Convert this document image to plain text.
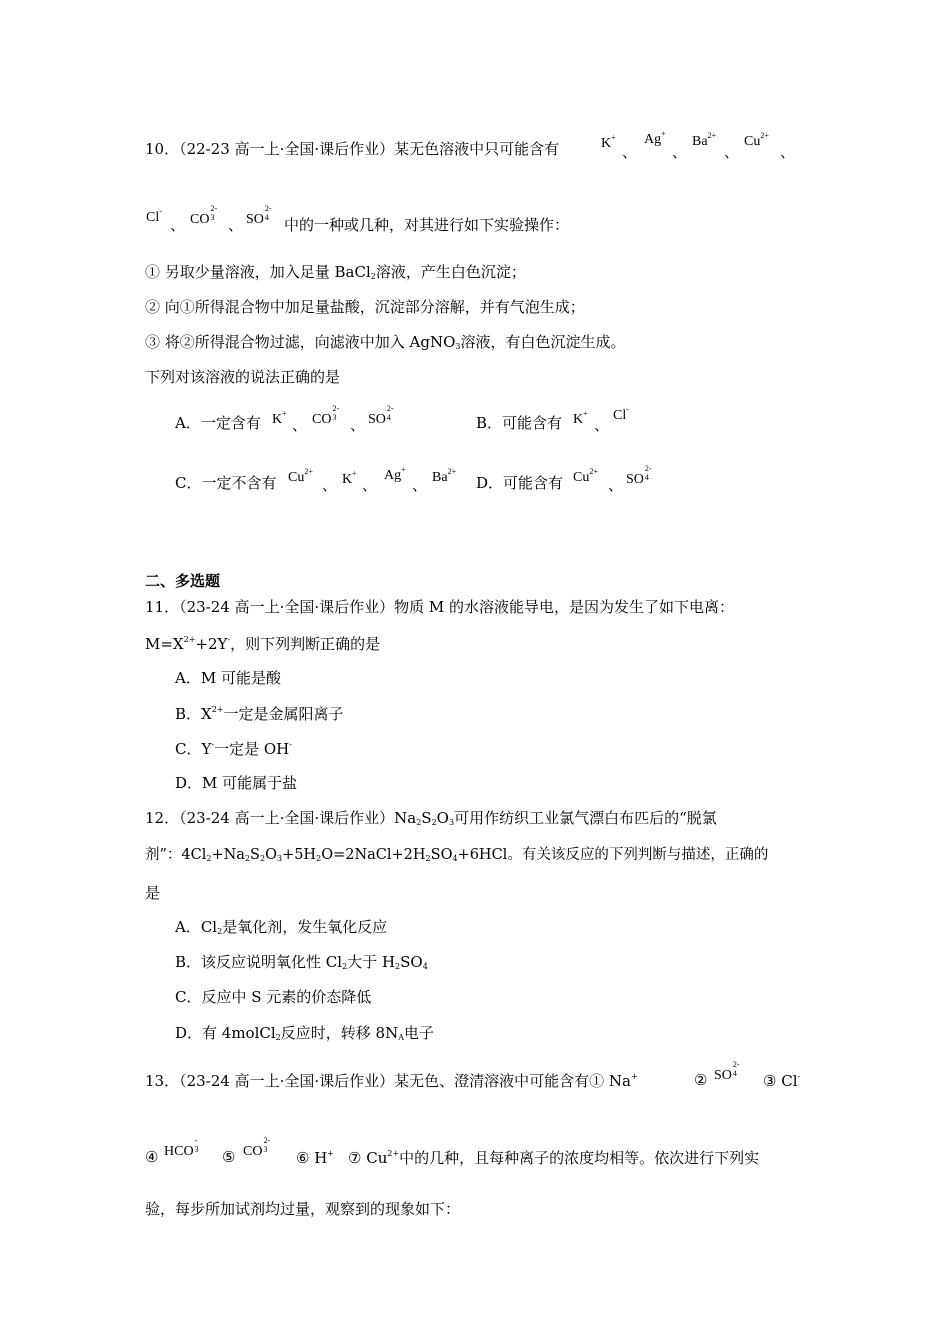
10．（22-23 高一上·全国·课后作业）某无色溶液中只可能含有	K+
、
Ag+
、
$Ba^{2+}$
、
$Cu^{2+}$
、
Cl-
、 CO2-
3 、 SO2-
4 中的一种或几种，对其进行如下实验操作：
① 另取少量溶液，加入足量 BaCl$_2$溶液，产生白色沉淀；
② 向①所得混合物中加足量盐酸，沉淀部分溶解，并有气泡生成；
③ 将②所得混合物过滤，向滤液中加入 AgNO$_3$溶液，有白色沉淀生成。
下列对该溶液的说法正确的是
A．一定含有 K+
、 CO2-
3 、 SO2-
4	B．可能含有 K+
、
Cl-
C．一定不含有 $Cu^{2+}$
、 K+
、
Ag+
、 $Ba^{2+}$
D．可能含有 $Cu^{2+}$
、 SO2-
4
二、多选题
11．（23-24 高一上·全国·课后作业）物质 M 的水溶液能导电，是因为发生了如下电离：
$M=X^{2+}+2Y^-$，则下列判断正确的是
A．M 可能是酸
B．$X^{2+}$一定是金属阳离子
C．Y-一定是 OH-
D．M 可能属于盐
12．（23-24 高一上·全国·课后作业）$Na_2S_2O_3$可用作纺织工业氯气漂白布匹后的“脱氯
剂”：$4Cl_2+Na_2S_2O_3+5H_2O=2NaCl+2H_2SO_4+6HCl$。有关该反应的下列判断与描述，正确的
是
A．$Cl_2$是氧化剂，发生氧化反应
B．该反应说明氧化性 $Cl_2$大于 $H_2SO_4$
C．反应中 S 元素的价态降低
D．有 4molCl$_2$反应时，转移 $8N_A$电子
13．（23-24 高一上·全国·课后作业）某无色、澄清溶液中可能含有① Na+	② SO2-
4 ③ Cl-
④ HCO-
3 ⑤ CO2-
3 ⑥ H+ ⑦ $Cu^{2+}$中的几种，且每种离子的浓度均相等。依次进行下列实
验，每步所加试剂均过量，观察到的现象如下：
